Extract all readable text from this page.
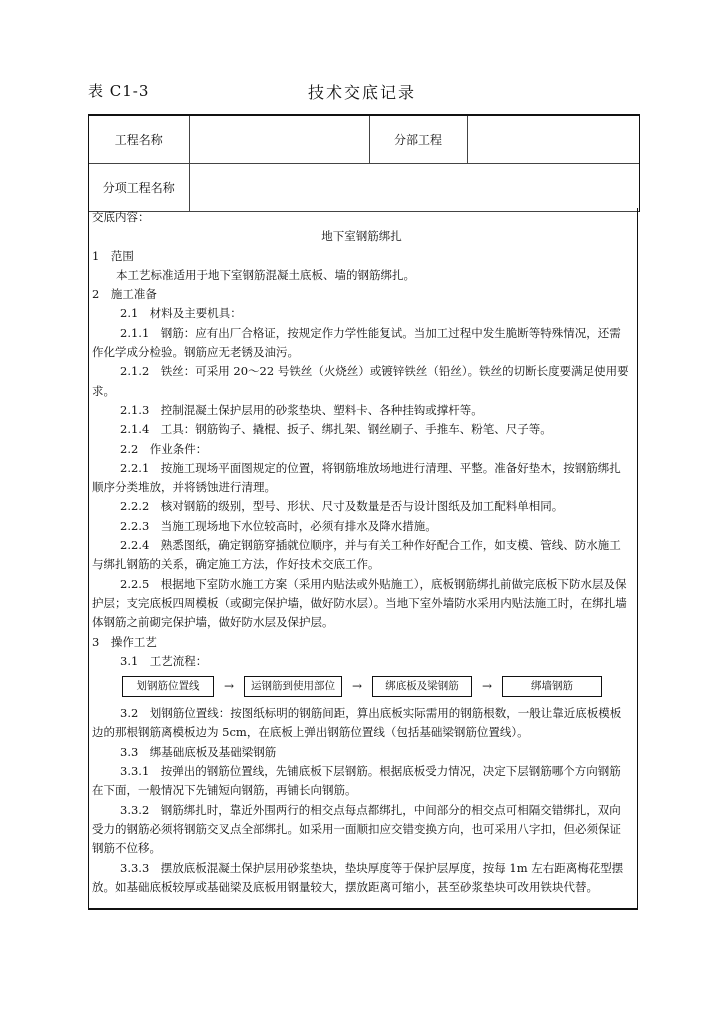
表 C1-3	技术交底记录
工程名称		分部工程	
分项工程名称			

交底内容：

地下室钢筋绑扎

1　范围

本工艺标准适用于地下室钢筋混凝土底板、墙的钢筋绑扎。

2　施工准备

2.1　材料及主要机具：

2.1.1　钢筋：应有出厂合格证，按规定作力学性能复试。当加工过程中发生脆断等特殊情况，还需作化学成分检验。钢筋应无老锈及油污。

2.1.2　铁丝：可采用 20～22 号铁丝（火烧丝）或镀锌铁丝（铅丝）。铁丝的切断长度要满足使用要求。

2.1.3　控制混凝土保护层用的砂浆垫块、塑料卡、各种挂钩或撑杆等。

2.1.4　工具：钢筋钩子、撬棍、扳子、绑扎架、钢丝刷子、手推车、粉笔、尺子等。

2.2　作业条件：

2.2.1　按施工现场平面图规定的位置，将钢筋堆放场地进行清理、平整。准备好垫木，按钢筋绑扎顺序分类堆放，并将锈蚀进行清理。

2.2.2　核对钢筋的级别，型号、形状、尺寸及数量是否与设计图纸及加工配料单相同。

2.2.3　当施工现场地下水位较高时，必须有排水及降水措施。

2.2.4　熟悉图纸，确定钢筋穿插就位顺序，并与有关工种作好配合工作，如支模、管线、防水施工与绑扎钢筋的关系，确定施工方法，作好技术交底工作。

2.2.5　根据地下室防水施工方案（采用内贴法或外贴施工），底板钢筋绑扎前做完底板下防水层及保护层；支完底板四周模板（或砌完保护墙，做好防水层）。当地下室外墙防水采用内贴法施工时，在绑扎墙体钢筋之前砌完保护墙，做好防水层及保护层。

3　操作工艺

3.1　工艺流程：

划钢筋位置线	→	运钢筋到使用部位	→	绑底板及梁钢筋	→	绑墙钢筋

3.2　划钢筋位置线：按图纸标明的钢筋间距，算出底板实际需用的钢筋根数，一般让靠近底板模板边的那根钢筋离模板边为 5cm，在底板上弹出钢筋位置线（包括基础梁钢筋位置线）。

3.3　绑基础底板及基础梁钢筋

3.3.1　按弹出的钢筋位置线，先铺底板下层钢筋。根据底板受力情况，决定下层钢筋哪个方向钢筋在下面，一般情况下先铺短向钢筋，再铺长向钢筋。

3.3.2　钢筋绑扎时，靠近外围两行的相交点每点都绑扎，中间部分的相交点可相隔交错绑扎，双向受力的钢筋必须将钢筋交叉点全部绑扎。如采用一面顺扣应交错变换方向，也可采用八字扣，但必须保证钢筋不位移。

3.3.3　摆放底板混凝土保护层用砂浆垫块，垫块厚度等于保护层厚度，按每 1m 左右距离梅花型摆放。如基础底板较厚或基础梁及底板用钢量较大，摆放距离可缩小，甚至砂浆垫块可改用铁块代替。
